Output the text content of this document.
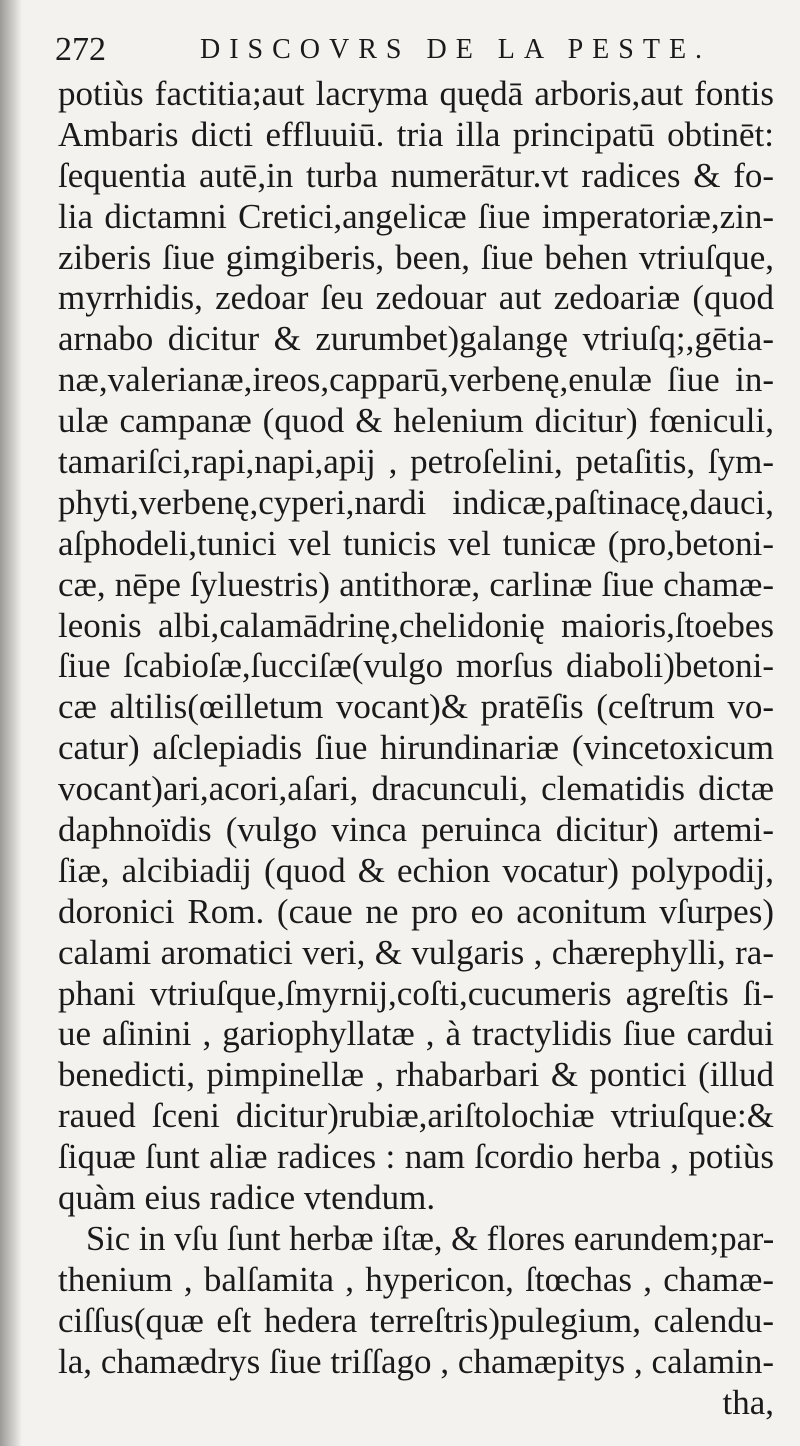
272	DISCOVRS DE LA PESTE.
potiùs factitia;aut lacryma quędā arboris,aut fontis
Ambaris dicti effluuiū. tria illa principatū obtinēt:
ſequentia autē,in turba numerātur.vt radices & fo-
lia dictamni Cretici,angelicæ ſiue imperatoriæ,zin-
ziberis ſiue gimgiberis, been, ſiue behen vtriuſque,
myrrhidis, zedoar ſeu zedouar aut zedoariæ (quod
arnabo dicitur & zurumbet)galangę vtriuſq;,gētia-
næ,valerianæ,ireos,capparū,verbenę,enulæ ſiue in-
ulæ campanæ (quod & helenium dicitur) fœniculi,
tamariſci,rapi,napi,apij , petroſelini, petaſitis, ſym-
phyti,verbenę,cyperi,nardi indicæ,paſtinacę,dauci,
aſphodeli,tunici vel tunicis vel tunicæ (pro,betoni-
cæ, nēpe ſyluestris) antithoræ, carlinæ ſiue chamæ-
leonis albi,calamādrinę,chelidonię maioris,ſtoebes
ſiue ſcabioſæ,ſucciſæ(vulgo morſus diaboli)betoni-
cæ altilis(œilletum vocant)& pratēſis (ceſtrum vo-
catur) aſclepiadis ſiue hirundinariæ (vincetoxicum
vocant)ari,acori,aſari, dracunculi, clematidis dictæ
daphnoïdis (vulgo vinca peruinca dicitur) artemi-
ſiæ, alcibiadij (quod & echion vocatur) polypodij,
doronici Rom. (caue ne pro eo aconitum vſurpes)
calami aromatici veri, & vulgaris , chærephylli, ra-
phani vtriuſque,ſmyrnij,coſti,cucumeris agreſtis ſi-
ue aſinini , gariophyllatæ , à tractylidis ſiue cardui
benedicti, pimpinellæ , rhabarbari & pontici (illud
raued ſceni dicitur)rubiæ,ariſtolochiæ vtriuſque:&
ſiquæ ſunt aliæ radices : nam ſcordio herba , potiùs
quàm eius radice vtendum.
Sic in vſu ſunt herbæ iſtæ, & flores earundem;par-
thenium , balſamita , hypericon, ſtœchas , chamæ-
ciſſus(quæ eſt hedera terreſtris)pulegium, calendu-
la, chamædrys ſiue triſſago , chamæpitys , calamin-
tha,
